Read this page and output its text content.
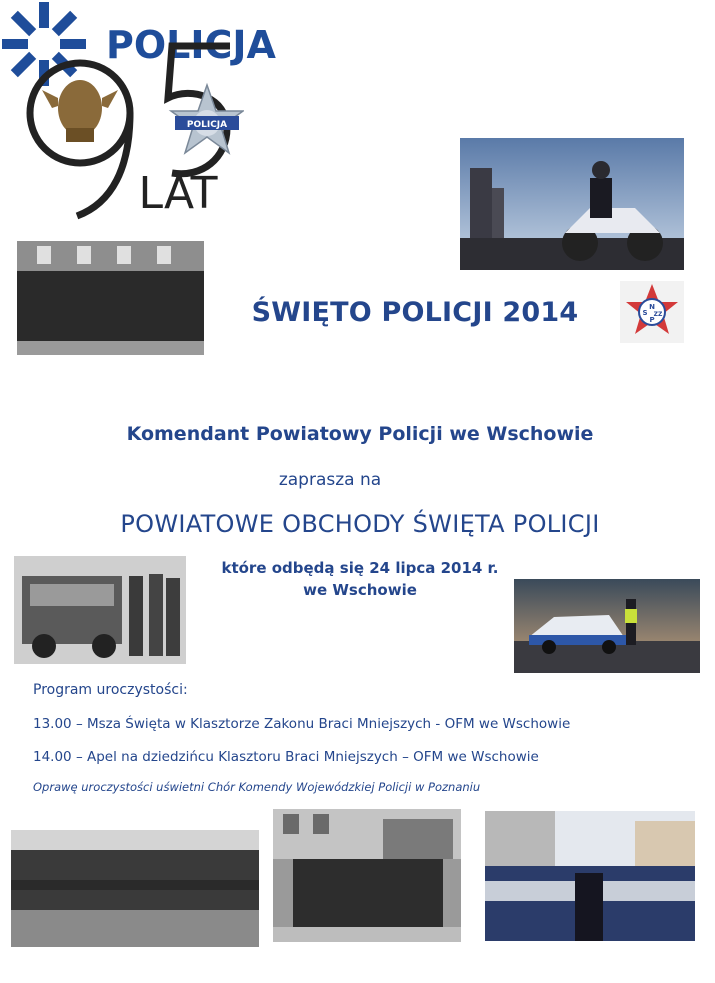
POLICJA
LAT
POLICJA
ŚWIĘTO POLICJI 2014	N
S ZZ
P
Komendant Powiatowy Policji we Wschowie
zaprasza na
POWIATOWE OBCHODY ŚWIĘTA POLICJI
które odbędą się 24 lipca 2014 r.
we Wschowie
Program uroczystości:
13.00 – Msza Święta w Klasztorze Zakonu Braci Mniejszych - OFM we Wschowie
14.00 – Apel na dziedzińcu Klasztoru Braci Mniejszych – OFM we Wschowie
Oprawę uroczystości uświetni Chór Komendy Wojewódzkiej Policji w Poznaniu
